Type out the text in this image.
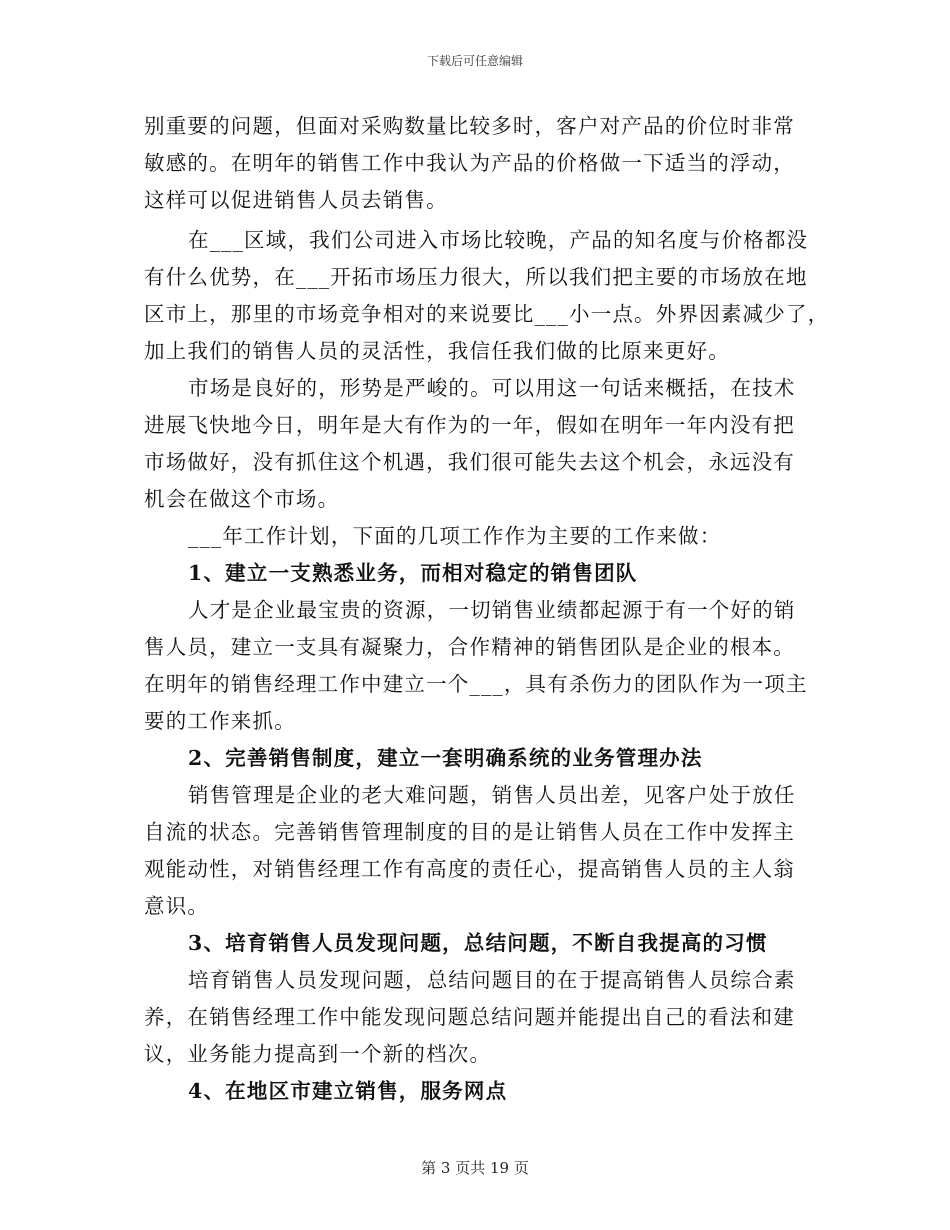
下载后可任意编辑
别重要的问题，但面对采购数量比较多时，客户对产品的价位时非常
敏感的。在明年的销售工作中我认为产品的价格做一下适当的浮动，
这样可以促进销售人员去销售。
在___区域，我们公司进入市场比较晚，产品的知名度与价格都没
有什么优势，在___开拓市场压力很大，所以我们把主要的市场放在地
区市上，那里的市场竞争相对的来说要比___小一点。外界因素减少了，
加上我们的销售人员的灵活性，我信任我们做的比原来更好。
市场是良好的，形势是严峻的。可以用这一句话来概括，在技术
进展飞快地今日，明年是大有作为的一年，假如在明年一年内没有把
市场做好，没有抓住这个机遇，我们很可能失去这个机会，永远没有
机会在做这个市场。
___年工作计划，下面的几项工作作为主要的工作来做：
1、建立一支熟悉业务，而相对稳定的销售团队
人才是企业最宝贵的资源，一切销售业绩都起源于有一个好的销
售人员，建立一支具有凝聚力，合作精神的销售团队是企业的根本。
在明年的销售经理工作中建立一个___，具有杀伤力的团队作为一项主
要的工作来抓。
2、完善销售制度，建立一套明确系统的业务管理办法
销售管理是企业的老大难问题，销售人员出差，见客户处于放任
自流的状态。完善销售管理制度的目的是让销售人员在工作中发挥主
观能动性，对销售经理工作有高度的责任心，提高销售人员的主人翁
意识。
3、培育销售人员发现问题，总结问题，不断自我提高的习惯
培育销售人员发现问题，总结问题目的在于提高销售人员综合素
养，在销售经理工作中能发现问题总结问题并能提出自己的看法和建
议，业务能力提高到一个新的档次。
4、在地区市建立销售，服务网点
第 3 页共 19 页
